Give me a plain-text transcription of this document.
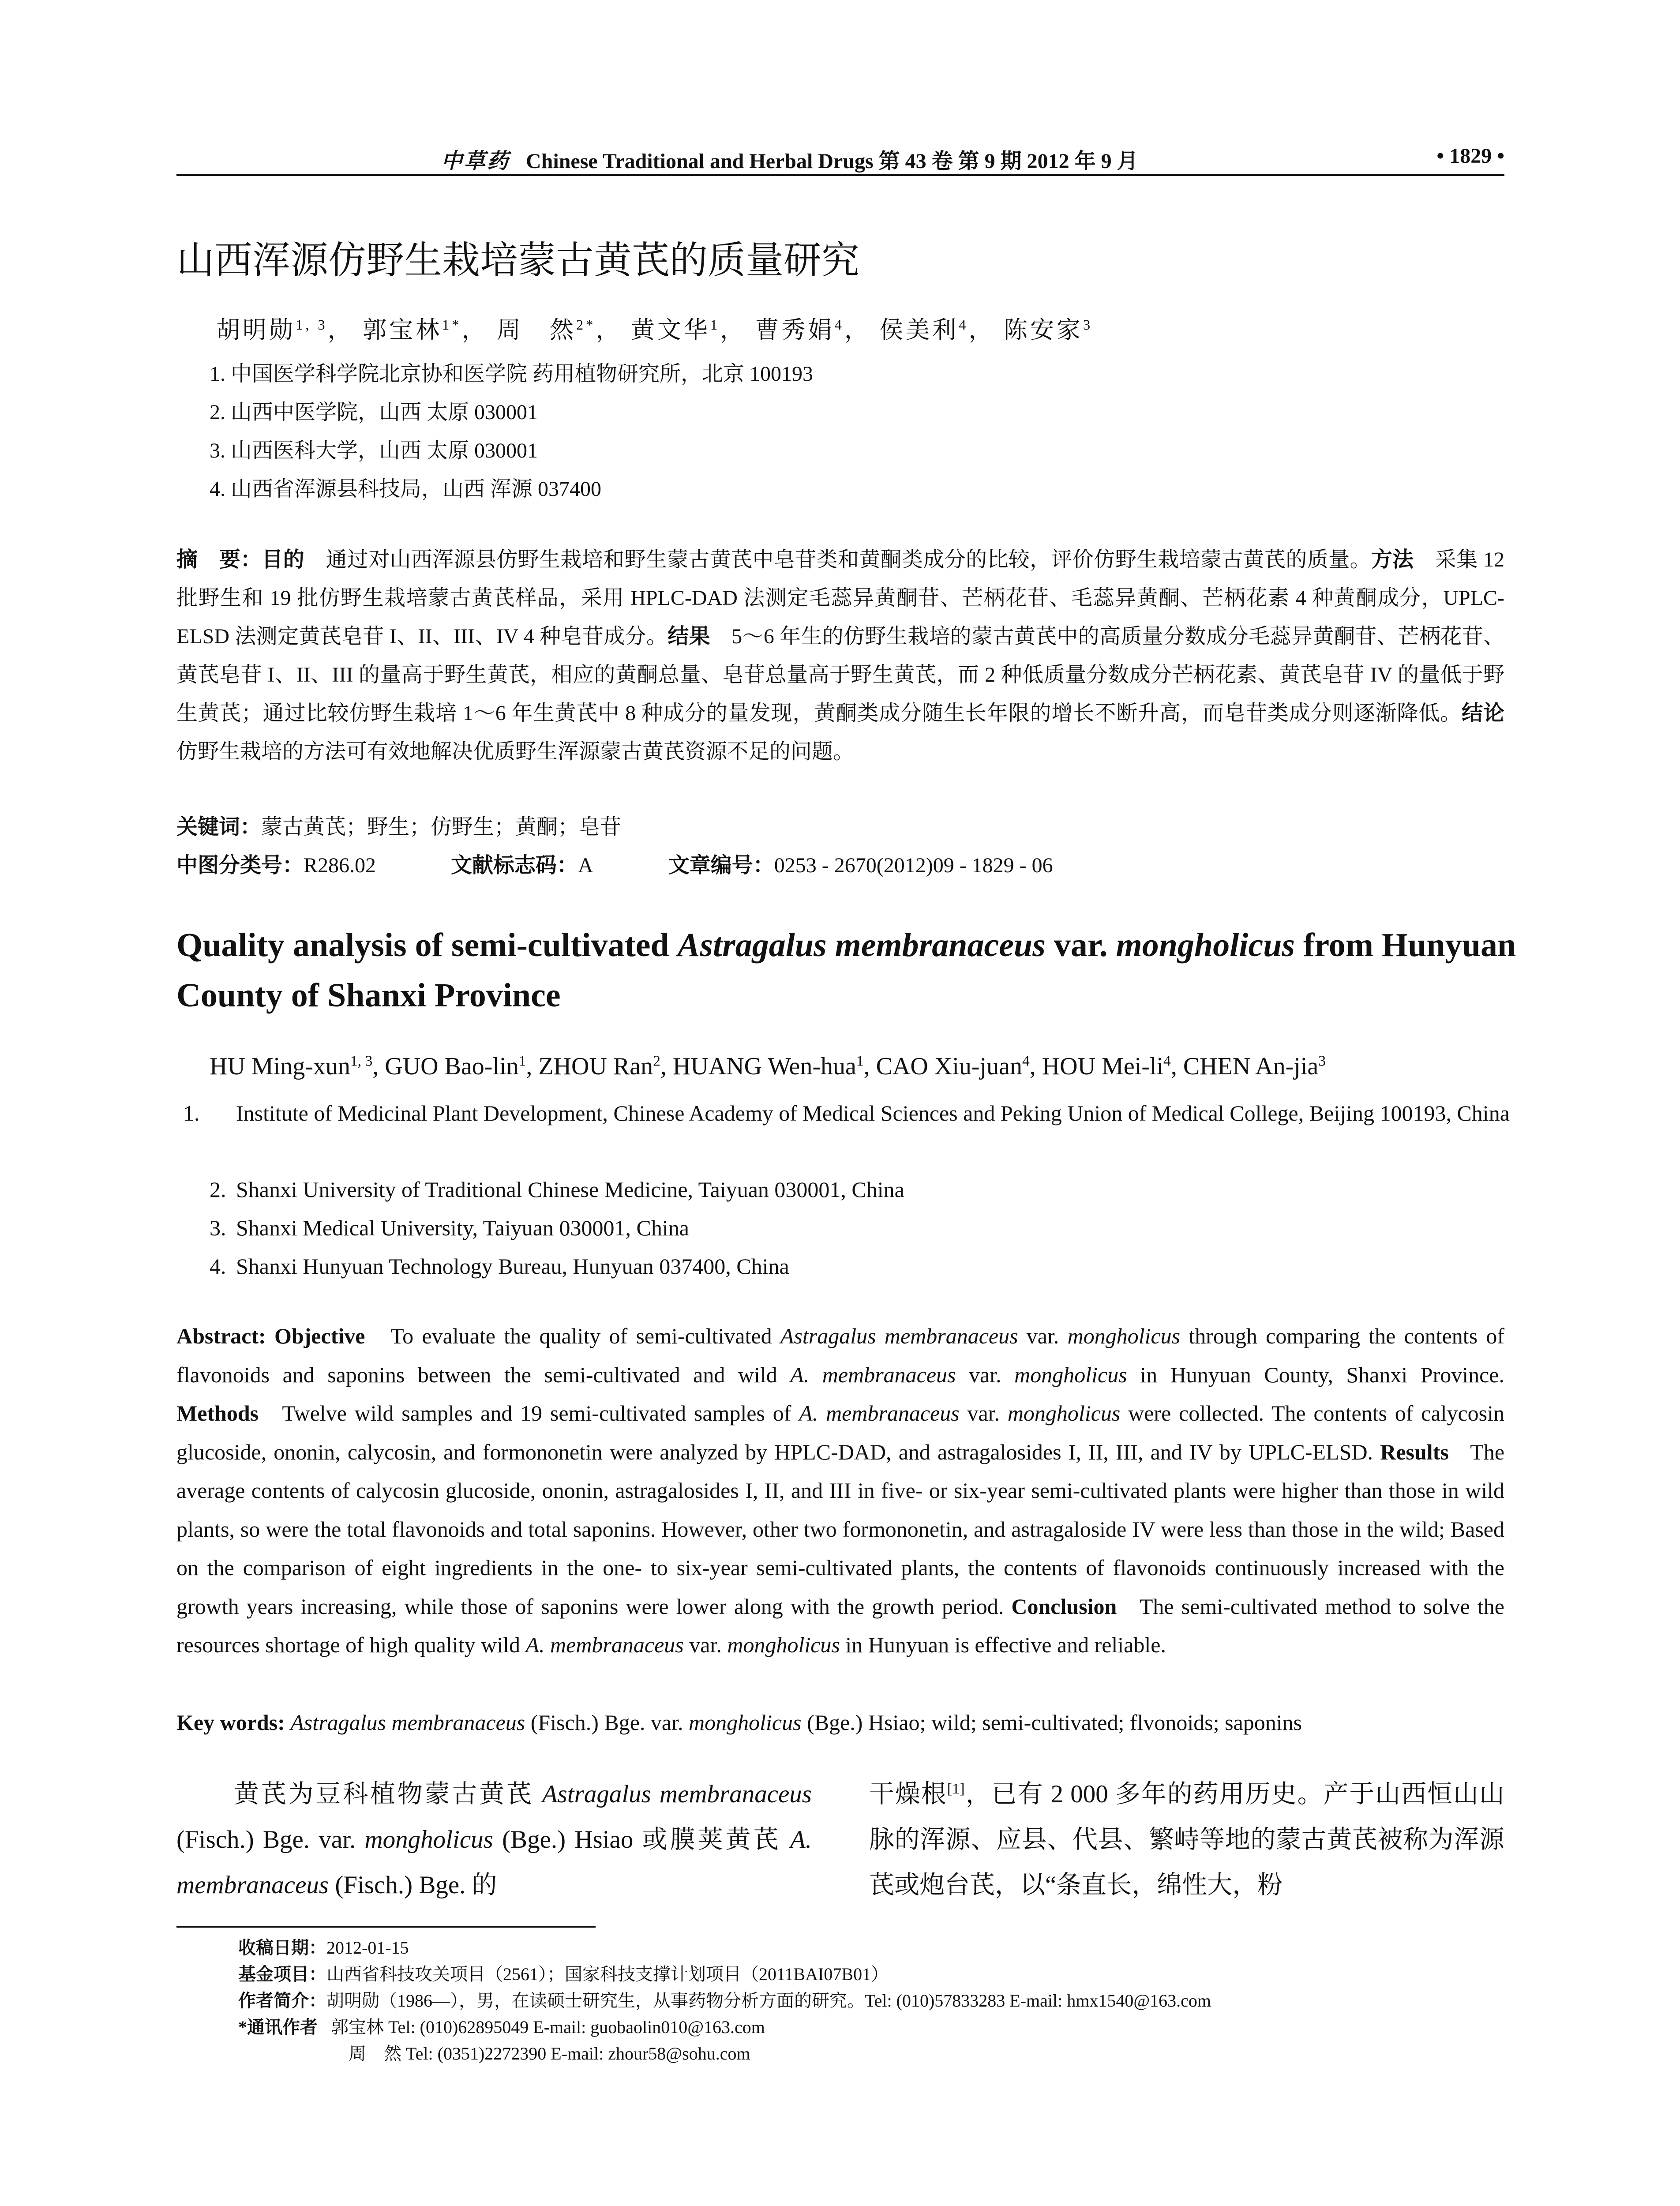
中草药 Chinese Traditional and Herbal Drugs 第 43 卷 第 9 期 2012 年 9 月	• 1829 •
山西浑源仿野生栽培蒙古黄芪的质量研究
胡明勋$^{1, 3}$， 郭宝林$^{1*}$， 周　然$^{2*}$， 黄文华$^1$， 曹秀娟$^4$， 侯美利$^4$， 陈安家$^3$
1. 中国医学科学院北京协和医学院 药用植物研究所，北京 100193
2. 山西中医学院，山西 太原 030001
3. 山西医科大学，山西 太原 030001
4. 山西省浑源县科技局，山西 浑源 037400
摘　要：目的　 通过对山西浑源县仿野生栽培和野生蒙古黄芪中皂苷类和黄酮类成分的比较，评价仿野生栽培蒙古黄芪的质量。方法　 采集 12 批野生和 19 批仿野生栽培蒙古黄芪样品，采用 HPLC-DAD 法测定毛蕊异黄酮苷、芒柄花苷、毛蕊异黄酮、芒柄花素 4 种黄酮成分，UPLC-ELSD 法测定黄芪皂苷 I、II、III、IV 4 种皂苷成分。结果　 5～6 年生的仿野生栽培的蒙古黄芪中的高质量分数成分毛蕊异黄酮苷、芒柄花苷、黄芪皂苷 I、II、III 的量高于野生黄芪，相应的黄酮总量、皂苷总量高于野生黄芪，而 2 种低质量分数成分芒柄花素、黄芪皂苷 IV 的量低于野生黄芪；通过比较仿野生栽培 1～6 年生黄芪中 8 种成分的量发现，黄酮类成分随生长年限的增长不断升高，而皂苷类成分则逐渐降低。结论　仿野生栽培的方法可有效地解决优质野生浑源蒙古黄芪资源不足的问题。
关键词：蒙古黄芪；野生；仿野生；黄酮；皂苷
中图分类号：R286.02	文献标志码：A	文章编号：0253 - 2670(2012)09 - 1829 - 06
Quality analysis of semi-cultivated Astragalus membranaceus var. mongholicus from Hunyuan County of Shanxi Province
HU Ming-xun$^{1, 3}$, GUO Bao-lin$^1$, ZHOU Ran$^2$, HUANG Wen-hua$^1$, CAO Xiu-juan$^4$, HOU Mei-$li^4$, CHEN An-jia$^3$
1. Institute of Medicinal Plant Development, Chinese Academy of Medical Sciences and Peking Union of Medical College, Beijing 100193, China
2. Shanxi University of Traditional Chinese Medicine, Taiyuan 030001, China
3. Shanxi Medical University, Taiyuan 030001, China
4. Shanxi Hunyuan Technology Bureau, Hunyuan 037400, China
Abstract: Objective To evaluate the quality of semi-cultivated Astragalus membranaceus var. mongholicus through comparing the contents of flavonoids and saponins between the semi-cultivated and wild A. membranaceus var. mongholicus in Hunyuan County, Shanxi Province. Methods Twelve wild samples and 19 semi-cultivated samples of A. membranaceus var. mongholicus were collected. The contents of calycosin glucoside, ononin, calycosin, and formononetin were analyzed by HPLC-DAD, and astragalosides I, II, III, and IV by UPLC-ELSD. Results The average contents of calycosin glucoside, ononin, astragalosides I, II, and III in five- or six-year semi-cultivated plants were higher than those in wild plants, so were the total flavonoids and total saponins. However, other two formononetin, and astragaloside IV were less than those in the wild; Based on the comparison of eight ingredients in the one- to six-year semi-cultivated plants, the contents of flavonoids continuously increased with the growth years increasing, while those of saponins were lower along with the growth period. Conclusion The semi-cultivated method to solve the resources shortage of high quality wild A. membranaceus var. mongholicus in Hunyuan is effective and reliable.
Key words: Astragalus membranaceus (Fisch.) Bge. var. mongholicus (Bge.) Hsiao; wild; semi-cultivated; flvonoids; saponins

黄芪为豆科植物蒙古黄芪 Astragalus membranaceus (Fisch.) Bge. var. mongholicus (Bge.) Hsiao 或膜荚黄芪 A. membranaceus (Fisch.) Bge. 的

干燥根[1]，已有 2 000 多年的药用历史。产于山西恒山山脉的浑源、应县、代县、繁峙等地的蒙古黄芪被称为浑源芪或炮台芪，以“条直长，绵性大，粉

收稿日期：2012-01-15
基金项目：山西省科技攻关项目（2561）；国家科技支撑计划项目（2011BAI07B01）
作者简介：胡明勋（1986—），男，在读硕士研究生，从事药物分析方面的研究。Tel: (010)57833283 E-mail: hmx1540@163.com
*通讯作者 郭宝林 Tel: (010)62895049 E-mail: guobaolin010@163.com
周　然 Tel: (0351)2272390 E-mail: zhour58@sohu.com
